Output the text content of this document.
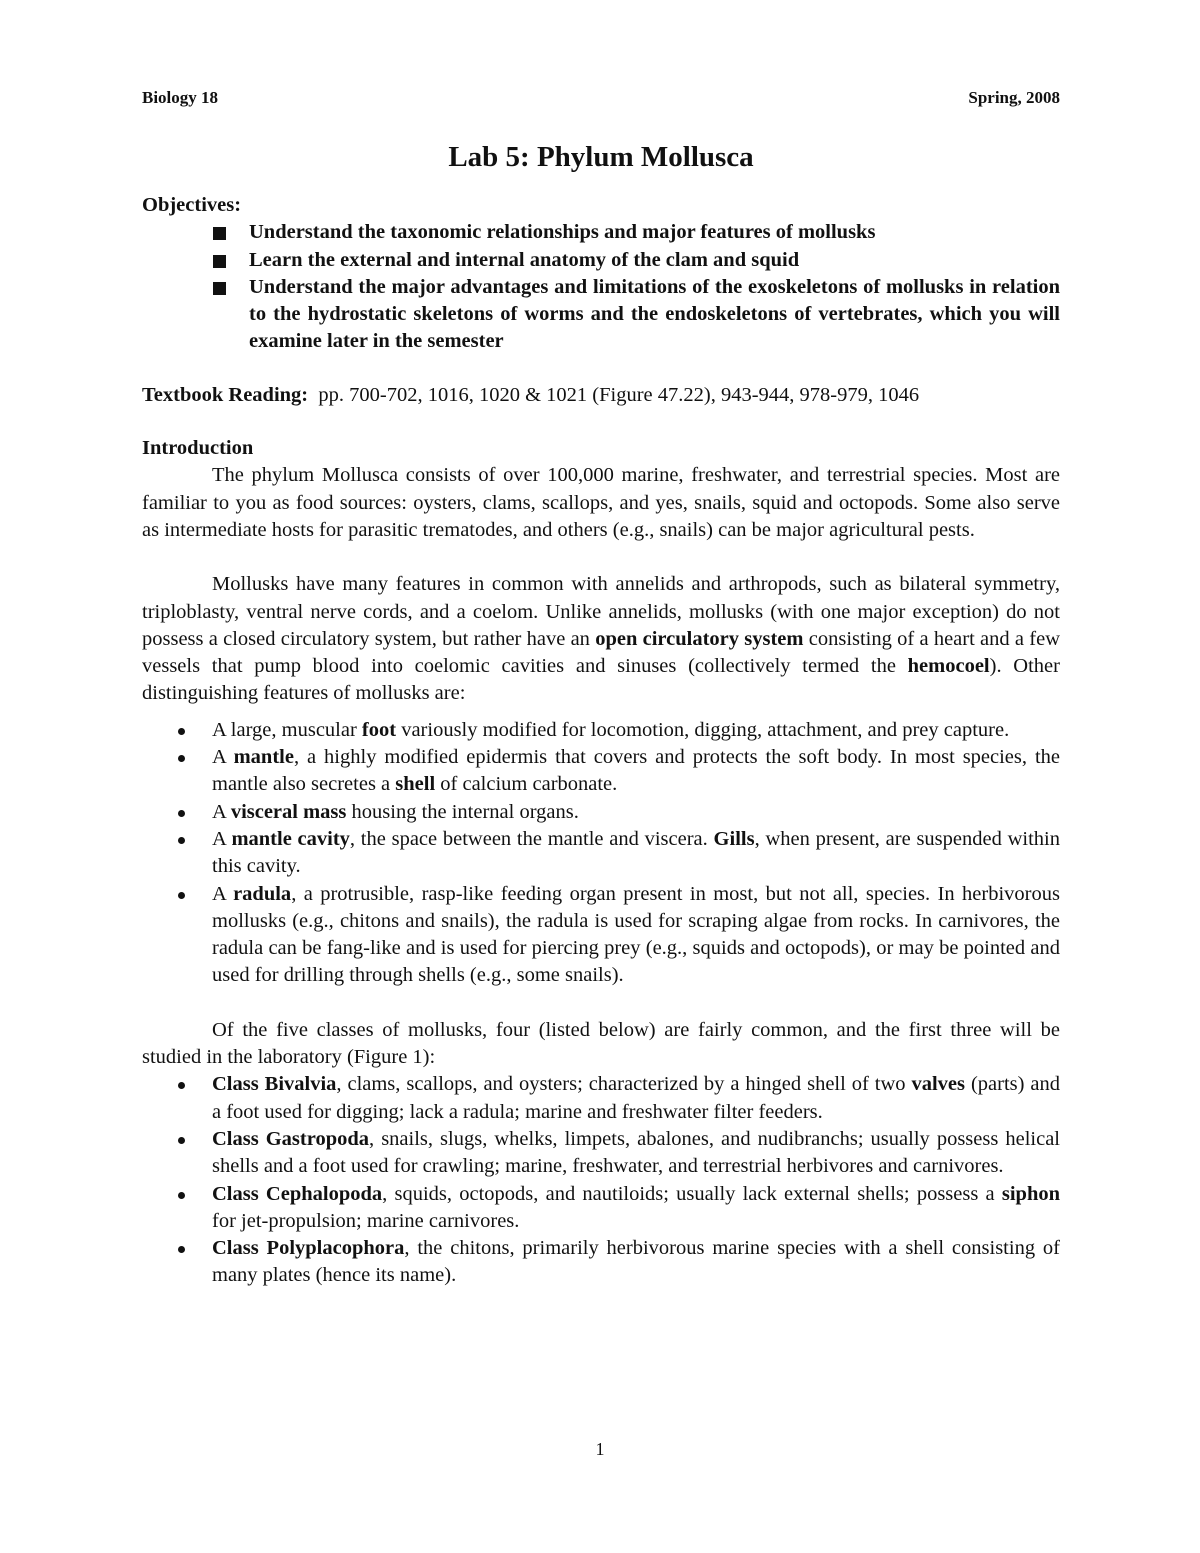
Biology 18	Spring, 2008
Lab 5: Phylum Mollusca
Objectives:
Understand the taxonomic relationships and major features of mollusks
Learn the external and internal anatomy of the clam and squid
Understand the major advantages and limitations of the exoskeletons of mollusks in relation to the hydrostatic skeletons of worms and the endoskeletons of vertebrates, which you will examine later in the semester
Textbook Reading: pp. 700-702, 1016, 1020 & 1021 (Figure 47.22), 943-944, 978-979, 1046
Introduction

The phylum Mollusca consists of over 100,000 marine, freshwater, and terrestrial species. Most are familiar to you as food sources: oysters, clams, scallops, and yes, snails, squid and octopods. Some also serve as intermediate hosts for parasitic trematodes, and others (e.g., snails) can be major agricultural pests.

Mollusks have many features in common with annelids and arthropods, such as bilateral symmetry, triploblasty, ventral nerve cords, and a coelom. Unlike annelids, mollusks (with one major exception) do not possess a closed circulatory system, but rather have an open circulatory system consisting of a heart and a few vessels that pump blood into coelomic cavities and sinuses (collectively termed the hemocoel). Other distinguishing features of mollusks are:

A large, muscular foot variously modified for locomotion, digging, attachment, and prey capture.
A mantle, a highly modified epidermis that covers and protects the soft body. In most species, the mantle also secretes a shell of calcium carbonate.
A visceral mass housing the internal organs.
A mantle cavity, the space between the mantle and viscera. Gills, when present, are suspended within this cavity.
A radula, a protrusible, rasp-like feeding organ present in most, but not all, species. In herbivorous mollusks (e.g., chitons and snails), the radula is used for scraping algae from rocks. In carnivores, the radula can be fang-like and is used for piercing prey (e.g., squids and octopods), or may be pointed and used for drilling through shells (e.g., some snails).

Of the five classes of mollusks, four (listed below) are fairly common, and the first three will be studied in the laboratory (Figure 1):

Class Bivalvia, clams, scallops, and oysters; characterized by a hinged shell of two valves (parts) and a foot used for digging; lack a radula; marine and freshwater filter feeders.
Class Gastropoda, snails, slugs, whelks, limpets, abalones, and nudibranchs; usually possess helical shells and a foot used for crawling; marine, freshwater, and terrestrial herbivores and carnivores.
Class Cephalopoda, squids, octopods, and nautiloids; usually lack external shells; possess a siphon for jet-propulsion; marine carnivores.
Class Polyplacophora, the chitons, primarily herbivorous marine species with a shell consisting of many plates (hence its name).
1
